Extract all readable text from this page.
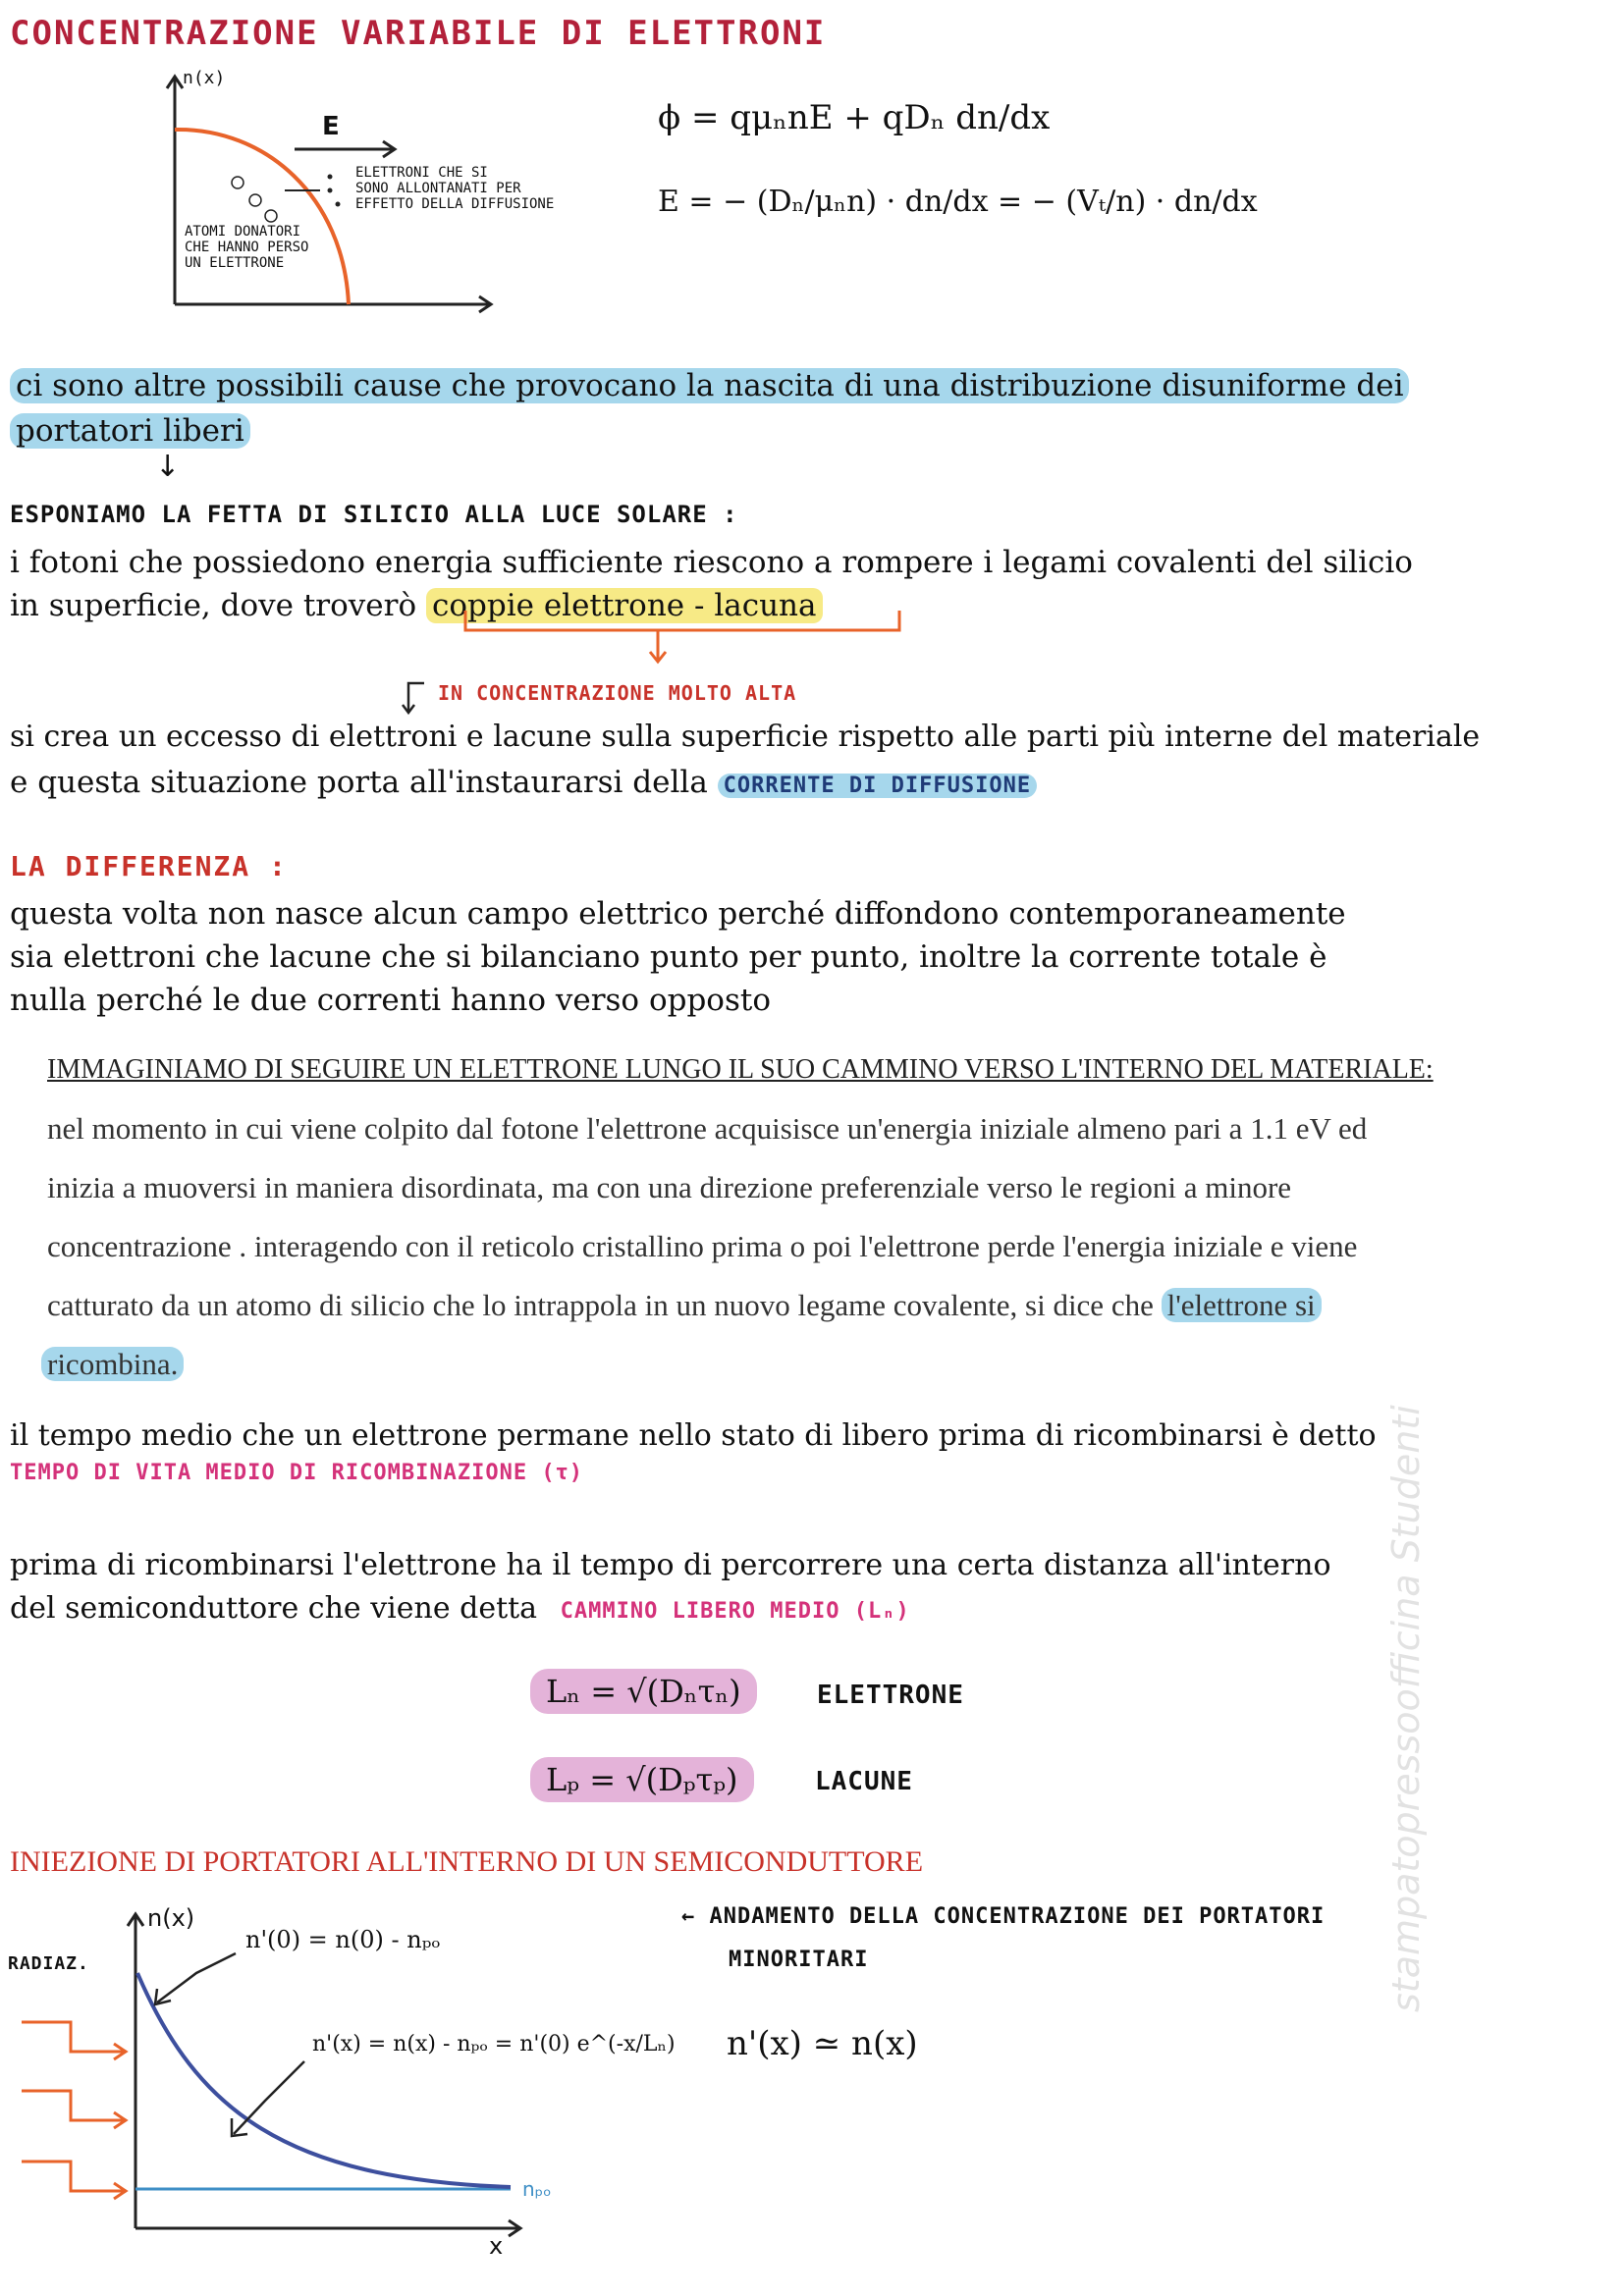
CONCENTRAZIONE VARIABILE DI ELETTRONI
n(x)
E
ELETTRONI CHE SI
SONO ALLONTANATI PER
EFFETTO DELLA DIFFUSIONE
ATOMI DONATORI
CHE HANNO PERSO
UN ELETTRONE
ϕ = qμₙnE + qDₙ dn/dx
E = − (Dₙ/μₙn) · dn/dx = − (Vₜ/n) · dn/dx
ci sono altre possibili cause che provocano la nascita di una distribuzione disuniforme dei
portatori liberi
↓
ESPONIAMO LA FETTA DI SILICIO ALLA LUCE SOLARE :
i fotoni che possiedono energia sufficiente riescono a rompere i legami covalenti del silicio
in superficie, dove troverò coppie elettrone - lacuna
IN CONCENTRAZIONE MOLTO ALTA
si crea un eccesso di elettroni e lacune sulla superficie rispetto alle parti più interne del materiale
e questa situazione porta all'instaurarsi della CORRENTE DI DIFFUSIONE
LA DIFFERENZA :
questa volta non nasce alcun campo elettrico perché diffondono contemporaneamente
sia elettroni che lacune che si bilanciano punto per punto, inoltre la corrente totale è
nulla perché le due correnti hanno verso opposto
IMMAGINIAMO DI SEGUIRE UN ELETTRONE LUNGO IL SUO CAMMINO VERSO L'INTERNO DEL MATERIALE:
nel momento in cui viene colpito dal fotone l'elettrone acquisisce un'energia iniziale almeno pari a 1.1 eV ed
inizia a muoversi in maniera disordinata, ma con una direzione preferenziale verso le regioni a minore
concentrazione . interagendo con il reticolo cristallino prima o poi l'elettrone perde l'energia iniziale e viene
catturato da un atomo di silicio che lo intrappola in un nuovo legame covalente, si dice che l'elettrone si
ricombina.
il tempo medio che un elettrone permane nello stato di libero prima di ricombinarsi è detto
TEMPO DI VITA MEDIO DI RICOMBINAZIONE (τ)
prima di ricombinarsi l'elettrone ha il tempo di percorrere una certa distanza all'interno
del semiconduttore che viene detta CAMMINO LIBERO MEDIO (Lₙ)
Lₙ = √(Dₙτₙ)	ELETTRONE
Lₚ = √(Dₚτₚ)	LACUNE
INIEZIONE DI PORTATORI ALL'INTERNO DI UN SEMICONDUTTORE
n(x)
RADIAZ.
n'(0) = n(0) - nₚₒ
n'(x) = n(x) - nₚₒ = n'(0) e^(-x/Lₙ)
nₚₒ
x
← ANDAMENTO DELLA CONCENTRAZIONE DEI PORTATORI
MINORITARI
n'(x) ≃ n(x)
stampatopressoofficina Studenti
